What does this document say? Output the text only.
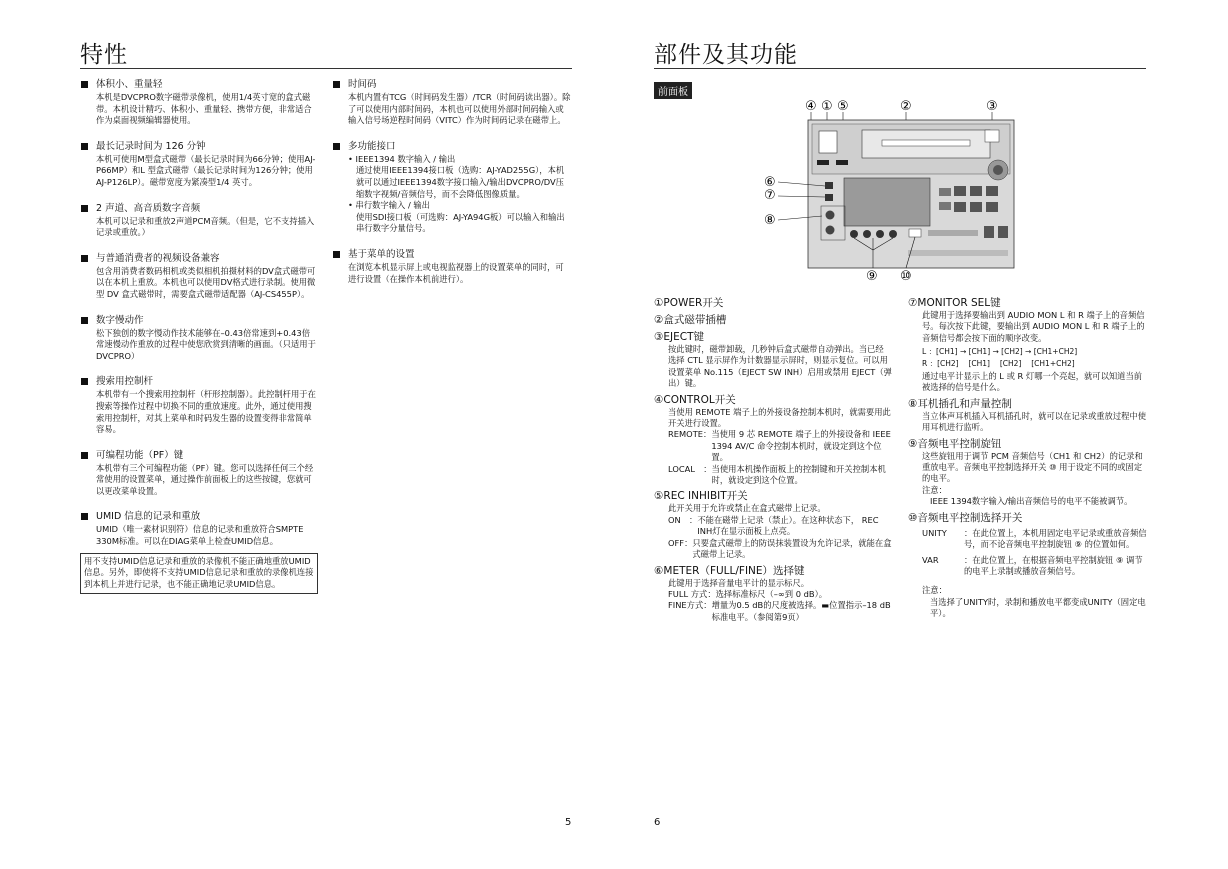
特性
体积小、重量轻
本机是DVCPRO数字磁带录像机，使用1/4英寸宽的盒式磁带。本机设计精巧、体积小、重量轻、携带方便，非常适合作为桌面视频编辑器使用。
最长记录时间为 126 分钟
本机可使用M型盒式磁带（最长记录时间为66分钟；使用AJ-P66MP）和L 型盒式磁带（最长记录时间为126分钟；使用AJ-P126LP）。磁带宽度为紧凑型1/4 英寸。
2 声道、高音质数字音频
本机可以记录和重放2声道PCM音频。（但是，它不支持插入记录或重放。）
与普通消费者的视频设备兼容
包含用消费者数码相机或类似相机拍摄材料的DV盒式磁带可以在本机上重放。本机也可以使用DV格式进行录制。使用微型 DV 盒式磁带时，需要盒式磁带适配器（AJ-CS455P）。
数字慢动作
松下独创的数字慢动作技术能够在–0.43倍常速到+0.43倍常速慢动作重放的过程中使您欣赏到清晰的画面。（只适用于DVCPRO）
搜索用控制杆
本机带有一个搜索用控制杆（杆形控制器）。此控制杆用于在搜索等操作过程中切换不同的重放速度。此外，通过使用搜索用控制杆，对其上菜单和时码发生器的设置变得非常简单容易。
可编程功能（PF）键
本机带有三个可编程功能（PF）键。您可以选择任何三个经常使用的设置菜单，通过操作前面板上的这些按键，您就可以更改菜单设置。
UMID 信息的记录和重放
UMID（唯一素材识别符）信息的记录和重放符合SMPTE 330M标准。可以在DIAG菜单上检查UMID信息。
用不支持UMID信息记录和重放的录像机不能正确地重放UMID信息。另外，即使将不支持UMID信息记录和重放的录像机连接到本机上并进行记录，也不能正确地记录UMID信息。
时间码
本机内置有TCG（时间码发生器）/TCR（时间码读出器）。除了可以使用内部时间码，本机也可以使用外部时间码输入或输入信号场逆程时间码（VITC）作为时间码记录在磁带上。
多功能接口
• IEEE1394 数字输入 / 输出
通过使用IEEE1394接口板（选购：AJ-YAD255G），本机就可以通过IEEE1394数字接口输入/输出DVCPRO/DV压缩数字视频/音频信号，而不会降低图像质量。
• 串行数字输入 / 输出
使用SDI接口板（可选购：AJ-YA94G板）可以输入和输出串行数字分量信号。
基于菜单的设置
在浏览本机显示屏上或电视监视器上的设置菜单的同时，可进行设置（在操作本机前进行）。
5
部件及其功能
前面板
④ ① ⑤	②	③
⑥
⑦
⑧
⑨ ⑩
①POWER开关
②盒式磁带插槽
③EJECT键
按此键时，磁带卸载，几秒钟后盒式磁带自动弹出。当已经选择 CTL 显示屏作为计数器显示屏时，则显示复位。可以用设置菜单 No.115（EJECT SW INH）启用或禁用 EJECT（弹出）键。
④CONTROL开关
当使用 REMOTE 端子上的外接设备控制本机时，就需要用此开关进行设置。
REMOTE： 当使用 9 芯 REMOTE 端子上的外接设备和 IEEE 1394 AV/C 命令控制本机时，就设定到这个位置。
LOCAL　： 当使用本机操作面板上的控制键和开关控制本机时，就设定到这个位置。
⑤REC INHIBIT开关
此开关用于允许或禁止在盒式磁带上记录。
ON　： 不能在磁带上记录（禁止）。在这种状态下， REC INH灯在显示面板上点亮。
OFF： 只要盒式磁带上的防误抹装置设为允许记录，就能在盒式磁带上记录。
⑥METER（FULL/FINE）选择键
此键用于选择音量电平计的显示标尺。
FULL 方式： 选择标准标尺（–∞到 0 dB）。
FINE方式： 增量为0.5 dB的尺度被选择。▬位置指示–18 dB标准电平。（参阅第9页）
⑦MONITOR SEL键
此键用于选择要输出到 AUDIO MON L 和 R 端子上的音频信号。每次按下此键，要输出到 AUDIO MON L 和 R 端子上的音频信号都会按下面的顺序改变。
L ：[CH1] → [CH1] → [CH2] → [CH1+CH2]
R ：[CH2]　 [CH1]　 [CH2]　 [CH1+CH2]
通过电平计显示上的 L 或 R 灯哪一个亮起，就可以知道当前被选择的信号是什么。
⑧耳机插孔和声量控制
当立体声耳机插入耳机插孔时，就可以在记录或重放过程中使用耳机进行监听。
⑨音频电平控制旋钮
这些旋钮用于调节 PCM 音频信号（CH1 和 CH2）的记录和重放电平。音频电平控制选择开关 ⑩ 用于设定不同的或固定的电平。
注意：
IEEE 1394数字输入/输出音频信号的电平不能被调节。
⑩音频电平控制选择开关
UNITY	：在此位置上，本机用固定电平记录或重放音频信号，而不论音频电平控制旋钮 ⑨ 的位置如何。
VAR	：在此位置上，在根据音频电平控制旋钮 ⑨ 调节的电平上录制或播放音频信号。
注意：
当选择了UNITY时，录制和播放电平都变成UNITY（固定电平）。
6
